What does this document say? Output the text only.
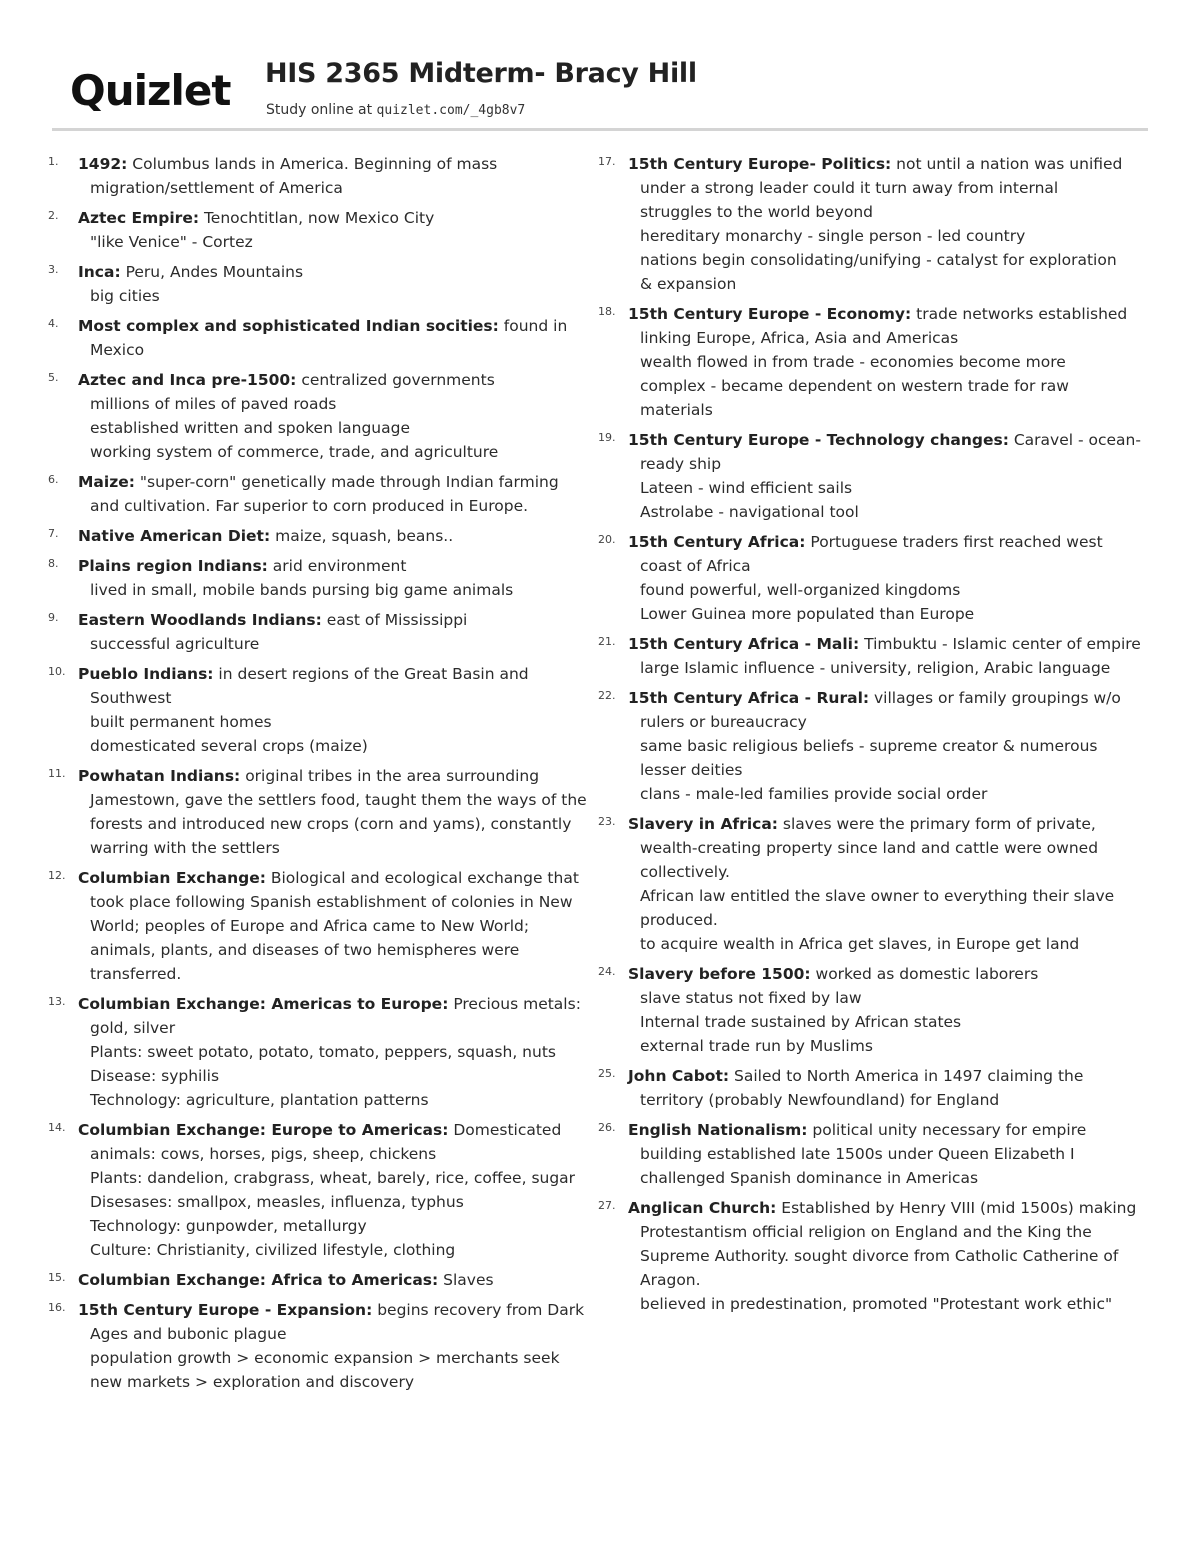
Quizlet HIS 2365 Midterm- Bracy Hill
Study online at quizlet.com/_4gb8v7
1.	1492: Columbus lands in America. Beginning of mass
migration/settlement of America
2.	Aztec Empire: Tenochtitlan, now Mexico City
"like Venice" - Cortez
3.	Inca: Peru, Andes Mountains
big cities
4.	Most complex and sophisticated Indian socities: found in
Mexico
5.	Aztec and Inca pre-1500: centralized governments
millions of miles of paved roads
established written and spoken language
working system of commerce, trade, and agriculture
6.	Maize: "super-corn" genetically made through Indian farming
and cultivation. Far superior to corn produced in Europe.
7.	Native American Diet: maize, squash, beans..
8.	Plains region Indians: arid environment
lived in small, mobile bands pursing big game animals
9.	Eastern Woodlands Indians: east of Mississippi
successful agriculture
10. Pueblo Indians: in desert regions of the Great Basin and
Southwest
built permanent homes
domesticated several crops (maize)
11. Powhatan Indians: original tribes in the area surrounding
Jamestown, gave the settlers food, taught them the ways of the
forests and introduced new crops (corn and yams), constantly
warring with the settlers
12. Columbian Exchange: Biological and ecological exchange that
took place following Spanish establishment of colonies in New
World; peoples of Europe and Africa came to New World;
animals, plants, and diseases of two hemispheres were
transferred.
13. Columbian Exchange: Americas to Europe: Precious metals:
gold, silver
Plants: sweet potato, potato, tomato, peppers, squash, nuts
Disease: syphilis
Technology: agriculture, plantation patterns
14. Columbian Exchange: Europe to Americas: Domesticated
animals: cows, horses, pigs, sheep, chickens
Plants: dandelion, crabgrass, wheat, barely, rice, coffee, sugar
Disesases: smallpox, measles, influenza, typhus
Technology: gunpowder, metallurgy
Culture: Christianity, civilized lifestyle, clothing
15. Columbian Exchange: Africa to Americas: Slaves
16. 15th Century Europe - Expansion: begins recovery from Dark
Ages and bubonic plague
population growth > economic expansion > merchants seek
new markets > exploration and discovery
17. 15th Century Europe- Politics: not until a nation was unified
under a strong leader could it turn away from internal
struggles to the world beyond
hereditary monarchy - single person - led country
nations begin consolidating/unifying - catalyst for exploration
& expansion
18. 15th Century Europe - Economy: trade networks established
linking Europe, Africa, Asia and Americas
wealth flowed in from trade - economies become more
complex - became dependent on western trade for raw
materials
19. 15th Century Europe - Technology changes: Caravel - ocean-
ready ship
Lateen - wind efficient sails
Astrolabe - navigational tool
20. 15th Century Africa: Portuguese traders first reached west
coast of Africa
found powerful, well-organized kingdoms
Lower Guinea more populated than Europe
21. 15th Century Africa - Mali: Timbuktu - Islamic center of empire
large Islamic influence - university, religion, Arabic language
22. 15th Century Africa - Rural: villages or family groupings w/o
rulers or bureaucracy
same basic religious beliefs - supreme creator & numerous
lesser deities
clans - male-led families provide social order
23. Slavery in Africa: slaves were the primary form of private,
wealth-creating property since land and cattle were owned
collectively.
African law entitled the slave owner to everything their slave
produced.
to acquire wealth in Africa get slaves, in Europe get land
24. Slavery before 1500: worked as domestic laborers
slave status not fixed by law
Internal trade sustained by African states
external trade run by Muslims
25. John Cabot: Sailed to North America in 1497 claiming the
territory (probably Newfoundland) for England
26. English Nationalism: political unity necessary for empire
building established late 1500s under Queen Elizabeth I
challenged Spanish dominance in Americas
27. Anglican Church: Established by Henry VIII (mid 1500s) making
Protestantism official religion on England and the King the
Supreme Authority. sought divorce from Catholic Catherine of
Aragon.
believed in predestination, promoted "Protestant work ethic"
